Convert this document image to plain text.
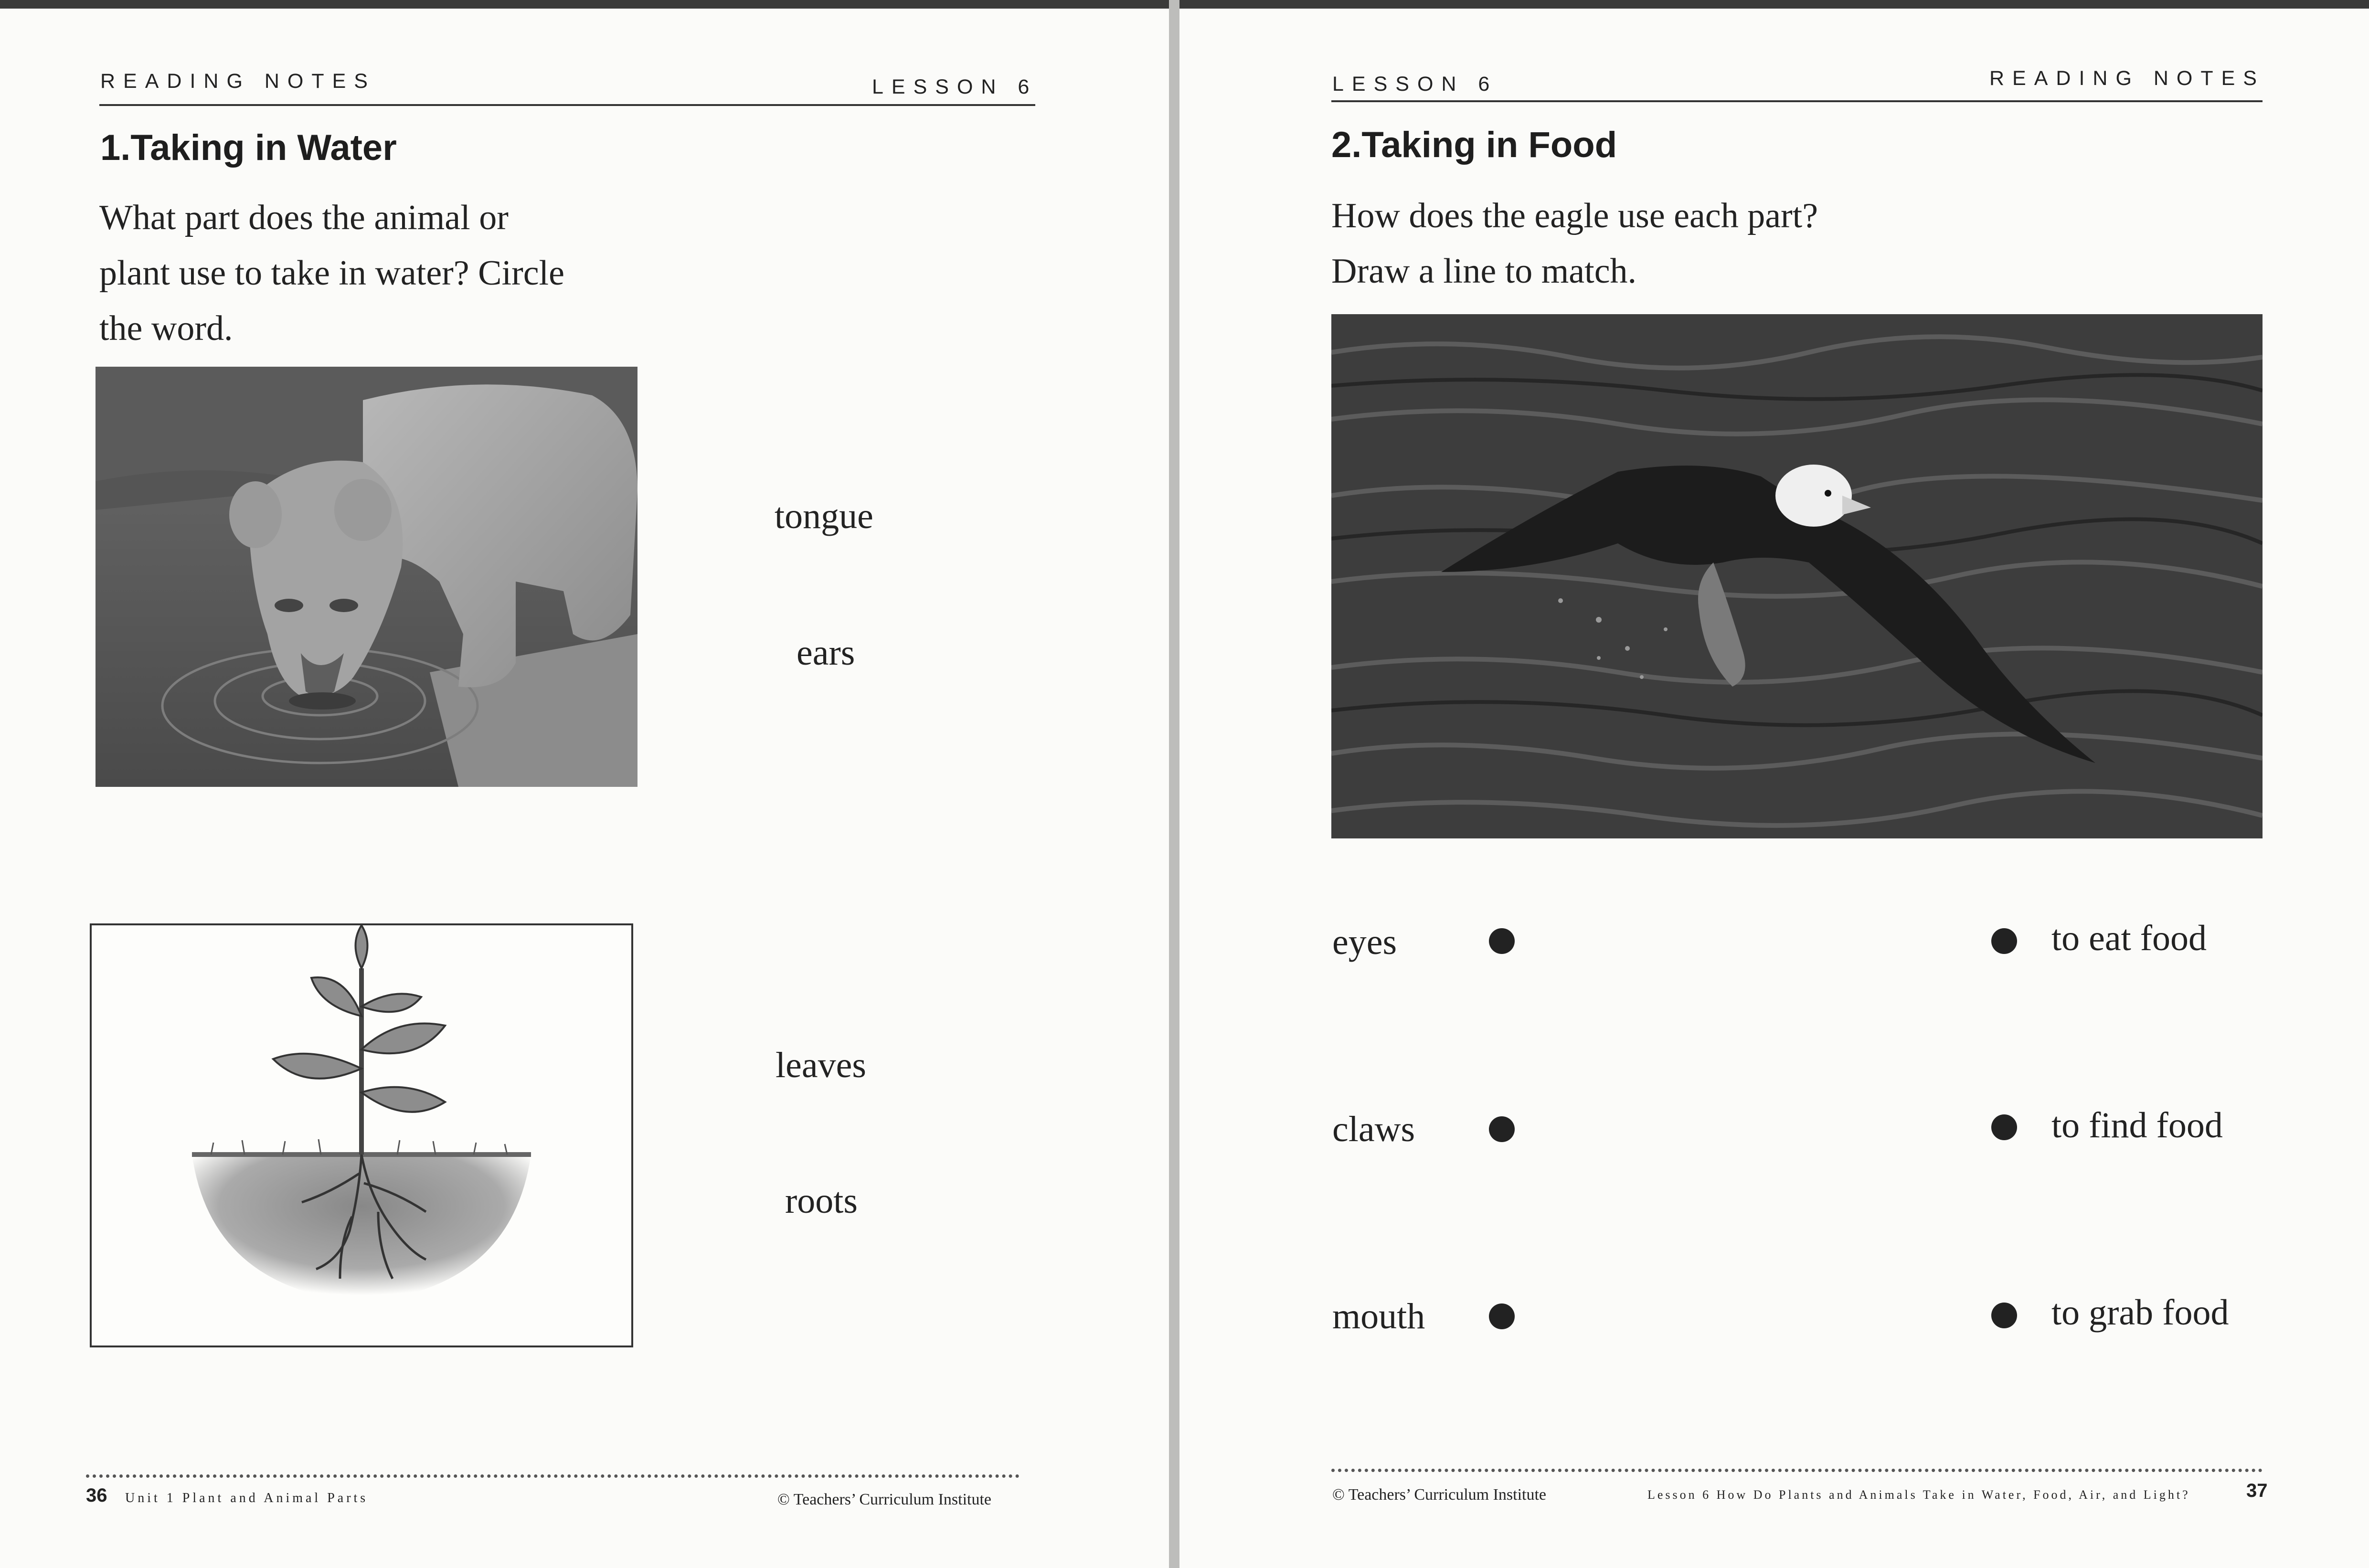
READING NOTES	LESSON 6
1.Taking in Water
What part does the animal or
plant use to take in water? Circle
the word.
tongue
ears
leaves
roots
36 Unit 1 Plant and Animal Parts	© Teachers’ Curriculum Institute
LESSON 6	READING NOTES
2.Taking in Food
How does the eagle use each part?
Draw a line to match.
eyes	to eat food
claws	to find food
mouth	to grab food
© Teachers’ Curriculum Institute	Lesson 6 How Do Plants and Animals Take in Water, Food, Air, and Light?	37
